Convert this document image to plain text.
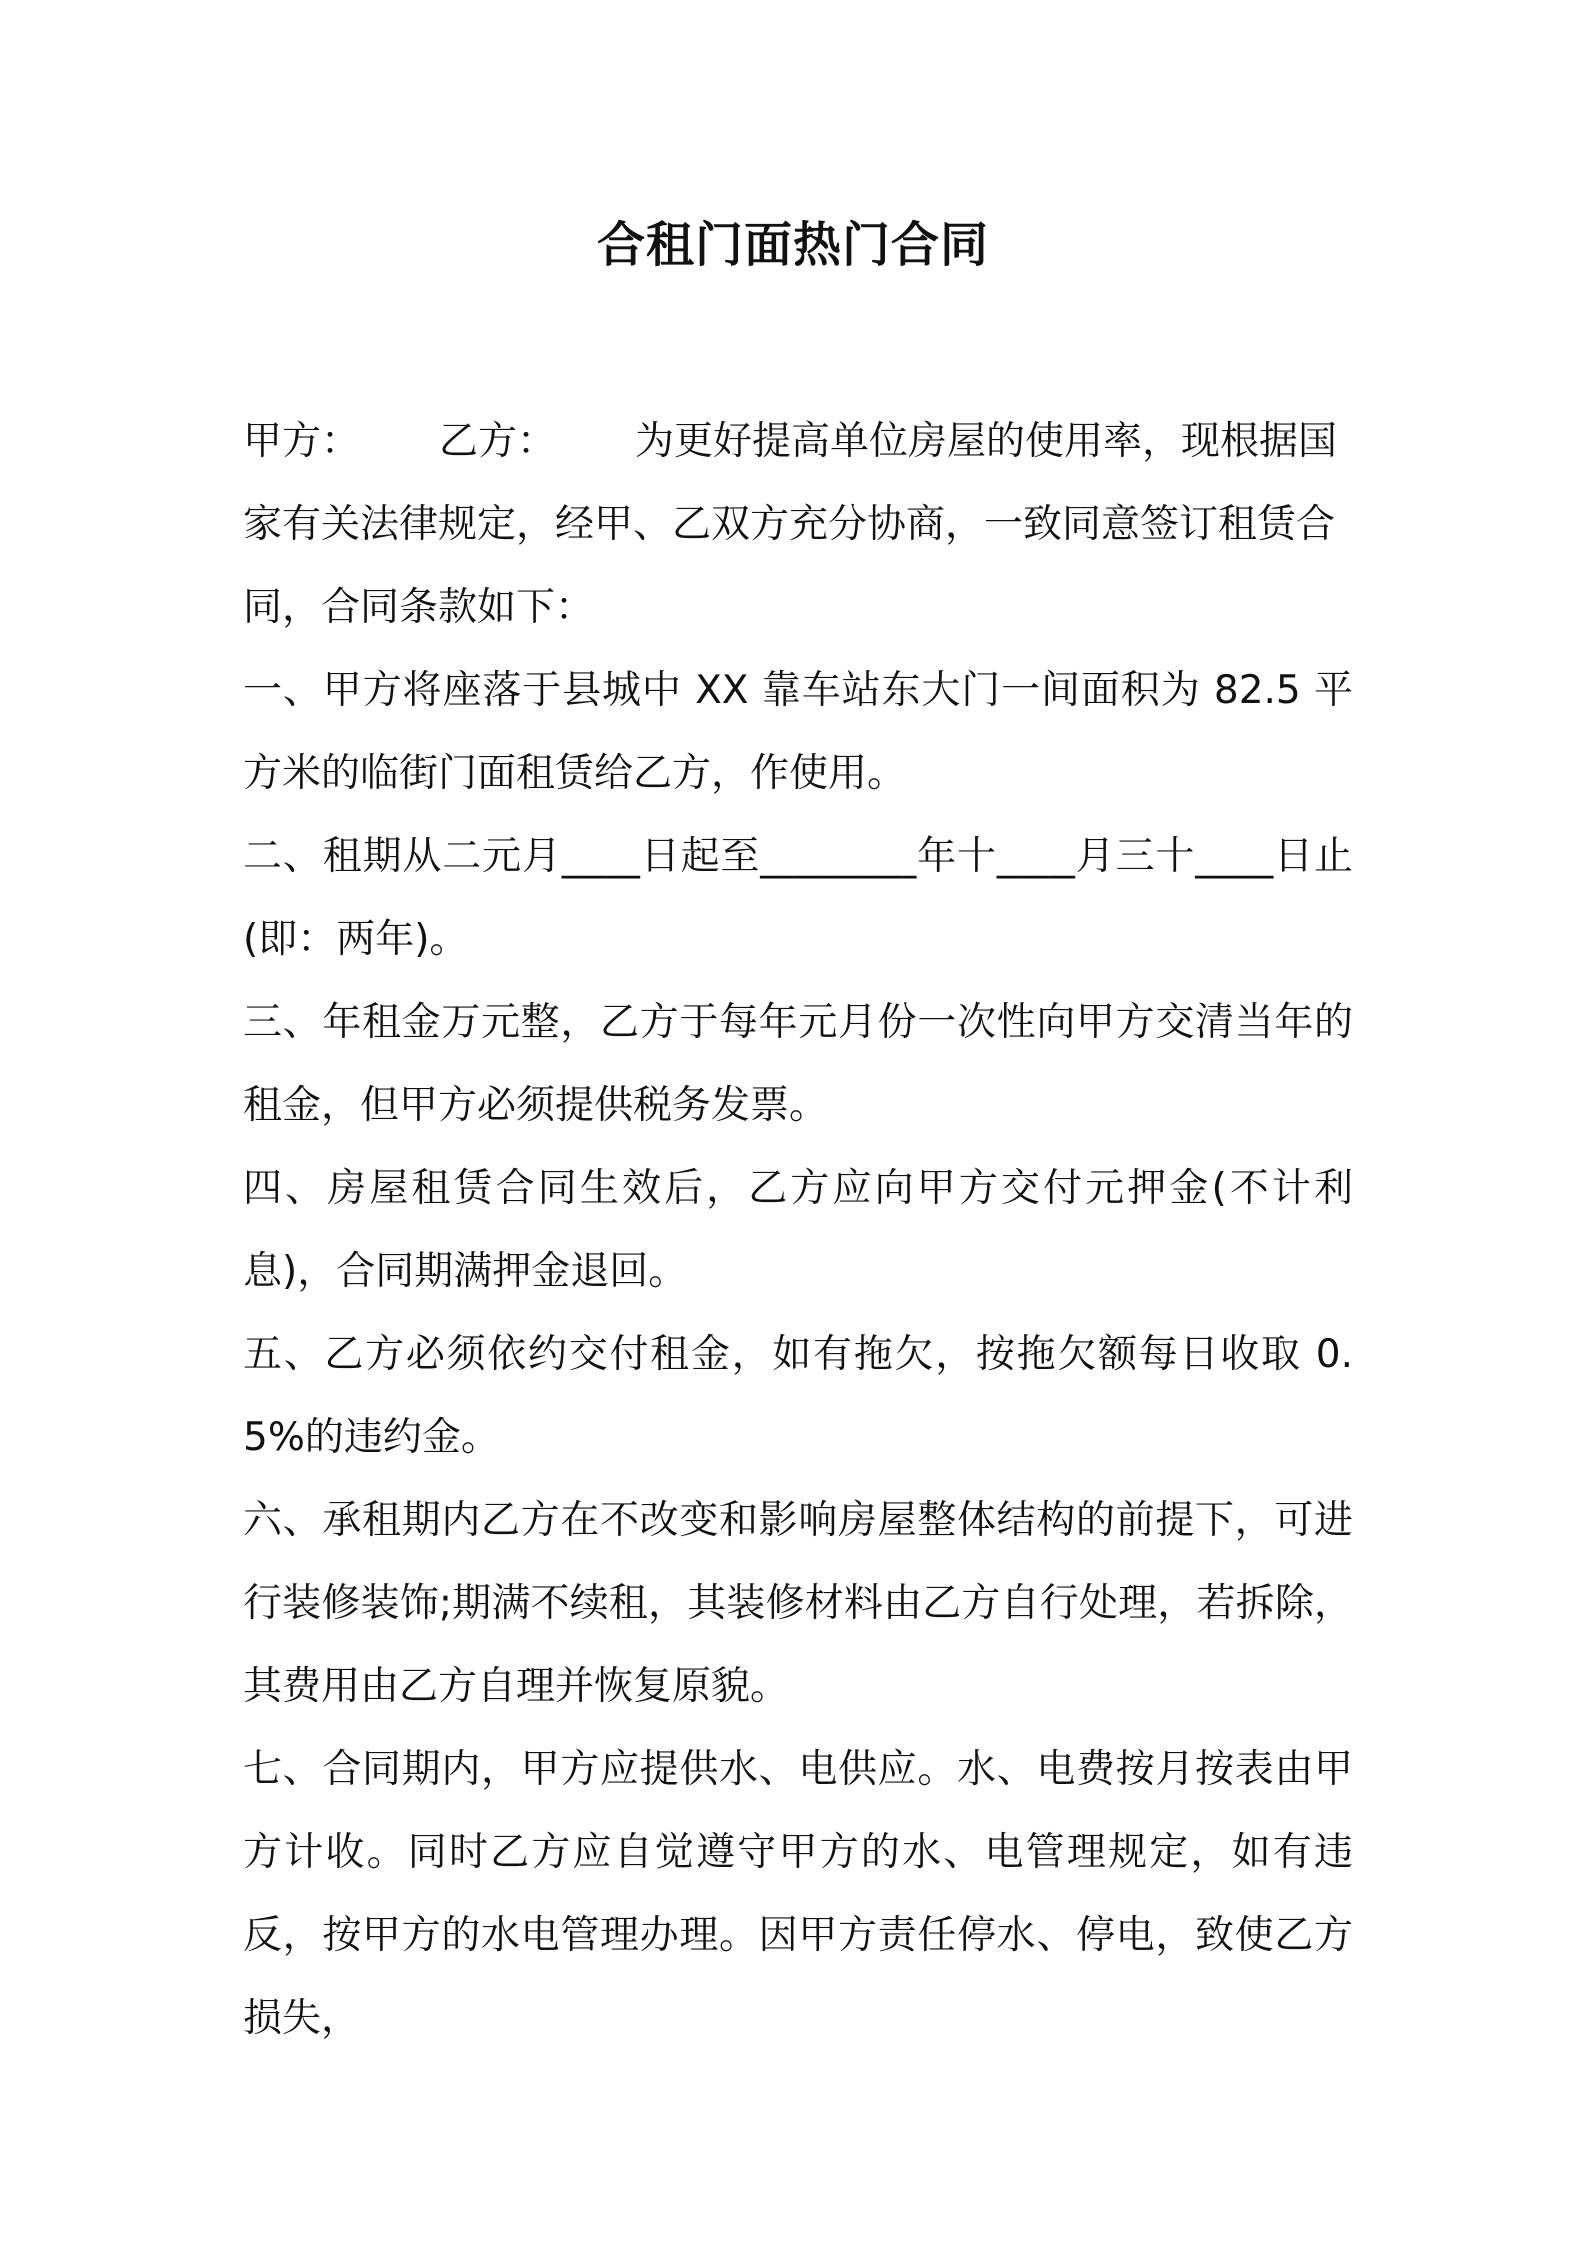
合租门面热门合同

甲方： 乙方： 为更好提高单位房屋的使用率，现根据国家有关法律规定，经甲、乙双方充分协商，一致同意签订租赁合同，合同条款如下：

一、甲方将座落于县城中 XX 靠车站东大门一间面积为 82.5 平方米的临街门面租赁给乙方，作使用。

二、租期从二元月____日起至________年十____月三十____日止(即：两年)。

三、年租金万元整，乙方于每年元月份一次性向甲方交清当年的租金，但甲方必须提供税务发票。

四、房屋租赁合同生效后，乙方应向甲方交付元押金(不计利息)，合同期满押金退回。

五、乙方必须依约交付租金，如有拖欠，按拖欠额每日收取 0.5%的违约金。

六、承租期内乙方在不改变和影响房屋整体结构的前提下，可进行装修装饰;期满不续租，其装修材料由乙方自行处理，若拆除，其费用由乙方自理并恢复原貌。

七、合同期内，甲方应提供水、电供应。水、电费按月按表由甲方计收。同时乙方应自觉遵守甲方的水、电管理规定，如有违反，按甲方的水电管理办理。因甲方责任停水、停电，致使乙方损失，
